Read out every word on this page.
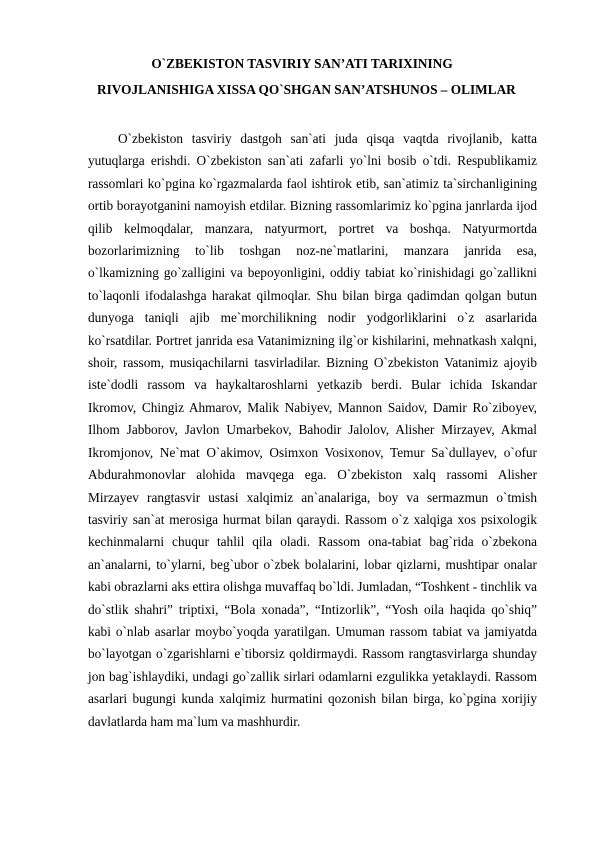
O`ZBEKISTON TASVIRIY SAN’ATI TARIXINING
RIVOJLANISHIGA XISSA QO`SHGAN SAN’ATSHUNOS – OLIMLAR

O`zbekiston tasviriy dastgoh san`ati juda qisqa vaqtda rivojlanib, katta yutuqlarga erishdi. O`zbekiston san`ati zafarli yo`lni bosib o`tdi. Respublikamiz rassomlari ko`pgina ko`rgazmalarda faol ishtirok etib, san`atimiz ta`sirchanligining ortib borayotganini namoyish etdilar. Bizning rassomlarimiz ko`pgina janrlarda ijod qilib kelmoqdalar, manzara, natyurmort, portret va boshqa. Natyurmortda bozorlarimizning to`lib toshgan noz-ne`matlarini, manzara janrida esa, o`lkamizning go`zalligini va bepoyonligini, oddiy tabiat ko`rinishidagi go`zallikni to`laqonli ifodalashga harakat qilmoqlar. Shu bilan birga qadimdan qolgan butun dunyoga taniqli ajib me`morchilikning nodir yodgorliklarini o`z asarlarida ko`rsatdilar. Portret janrida esa Vatanimizning ilg`or kishilarini, mehnatkash xalqni, shoir, rassom, musiqachilarni tasvirladilar. Bizning O`zbekiston Vatanimiz ajoyib iste`dodli rassom va haykaltaroshlarni yetkazib berdi. Bular ichida Iskandar Ikromov, Chingiz Ahmarov, Malik Nabiyev, Mannon Saidov, Damir Ro`ziboyev, Ilhom Jabborov, Javlon Umarbekov, Bahodir Jalolov, Alisher Mirzayev, Akmal Ikromjonov, Ne`mat O`akimov, Osimxon Vosixonov, Temur Sa`dullayev, o`ofur Abdurahmonovlar alohida mavqega ega. O`zbekiston xalq rassomi Alisher Mirzayev rangtasvir ustasi xalqimiz an`analariga, boy va sermazmun o`tmish tasviriy san`at merosiga hurmat bilan qaraydi. Rassom o`z xalqiga xos psixologik kechinmalarni chuqur tahlil qila oladi. Rassom ona-tabiat bag`rida o`zbekona an`analarni, to`ylarni, beg`ubor o`zbek bolalarini, lobar qizlarni, mushtipar onalar kabi obrazlarni aks ettira olishga muvaffaq bo`ldi. Jumladan, “Toshkent - tinchlik va do`stlik shahri” triptixi, “Bola xonada”, “Intizorlik”, “Yosh oila haqida qo`shiq” kabi o`nlab asarlar moybo`yoqda yaratilgan. Umuman rassom tabiat va jamiyatda bo`layotgan o`zgarishlarni e`tiborsiz qoldirmaydi. Rassom rangtasvirlarga shunday jon bag`ishlaydiki, undagi go`zallik sirlari odamlarni ezgulikka yetaklaydi. Rassom asarlari bugungi kunda xalqimiz hurmatini qozonish bilan birga, ko`pgina xorijiy davlatlarda ham ma`lum va mashhurdir.
